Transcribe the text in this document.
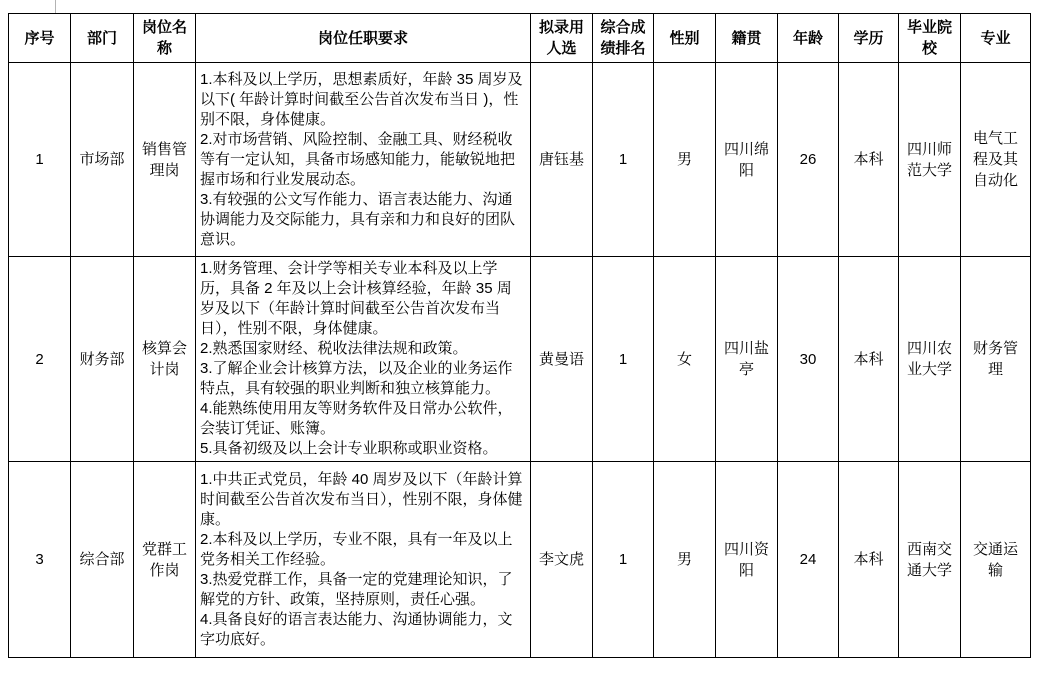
序号	部门	岗位名称	岗位任职要求	拟录用人选	综合成绩排名	性别	籍贯	年龄	学历	毕业院校	专业
1	市场部	销售管理岗	1.本科及以上学历，思想素质好，年龄 35 周岁及以下( 年龄计算时间截至公告首次发布当日 )，性别不限，身体健康。
2.对市场营销、风险控制、金融工具、财经税收等有一定认知，具备市场感知能力，能敏锐地把握市场和行业发展动态。
3.有较强的公文写作能力、语言表达能力、沟通协调能力及交际能力，具有亲和力和良好的团队意识。	唐钰基	1	男	四川绵阳	26	本科	四川师范大学	电气工程及其自动化
2	财务部	核算会计岗	1.财务管理、会计学等相关专业本科及以上学历，具备 2 年及以上会计核算经验，年龄 35 周岁及以下（年龄计算时间截至公告首次发布当日），性别不限，身体健康。
2.熟悉国家财经、税收法律法规和政策。
3.了解企业会计核算方法，以及企业的业务运作特点，具有较强的职业判断和独立核算能力。
4.能熟练使用用友等财务软件及日常办公软件，会装订凭证、账簿。
5.具备初级及以上会计专业职称或职业资格。	黄曼语	1	女	四川盐亭	30	本科	四川农业大学	财务管理
3	综合部	党群工作岗	1.中共正式党员，年龄 40 周岁及以下（年龄计算时间截至公告首次发布当日），性别不限，身体健康。
2.本科及以上学历，专业不限，具有一年及以上党务相关工作经验。
3.热爱党群工作，具备一定的党建理论知识，了解党的方针、政策，坚持原则，责任心强。
4.具备良好的语言表达能力、沟通协调能力，文字功底好。	李文虎	1	男	四川资阳	24	本科	西南交通大学	交通运输
